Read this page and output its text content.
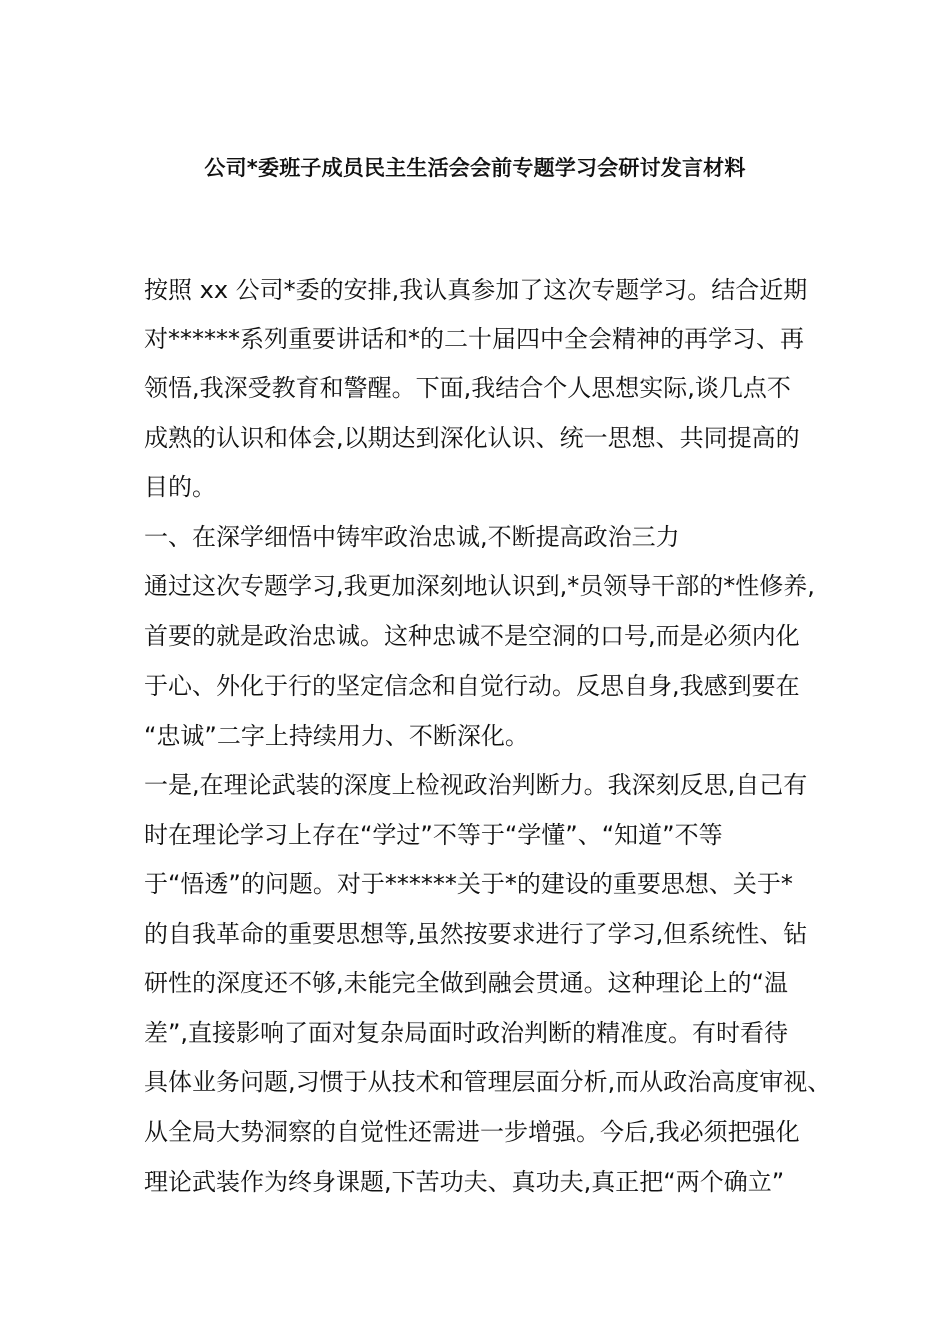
公司*委班子成员民主生活会会前专题学习会研讨发言材料

按照 xx 公司*委的安排,我认真参加了这次专题学习。结合近期

对******系列重要讲话和*的二十届四中全会精神的再学习、再

领悟,我深受教育和警醒。下面,我结合个人思想实际,谈几点不

成熟的认识和体会,以期达到深化认识、统一思想、共同提高的

目的。

一、在深学细悟中铸牢政治忠诚,不断提高政治三力

通过这次专题学习,我更加深刻地认识到,*员领导干部的*性修养,

首要的就是政治忠诚。这种忠诚不是空洞的口号,而是必须内化

于心、外化于行的坚定信念和自觉行动。反思自身,我感到要在

“忠诚”二字上持续用力、不断深化。

一是,在理论武装的深度上检视政治判断力。我深刻反思,自己有

时在理论学习上存在“学过”不等于“学懂”、“知道”不等

于“悟透”的问题。对于******关于*的建设的重要思想、关于*

的自我革命的重要思想等,虽然按要求进行了学习,但系统性、钻

研性的深度还不够,未能完全做到融会贯通。这种理论上的“温

差”,直接影响了面对复杂局面时政治判断的精准度。有时看待

具体业务问题,习惯于从技术和管理层面分析,而从政治高度审视、

从全局大势洞察的自觉性还需进一步增强。今后,我必须把强化

理论武装作为终身课题,下苦功夫、真功夫,真正把“两个确立”
